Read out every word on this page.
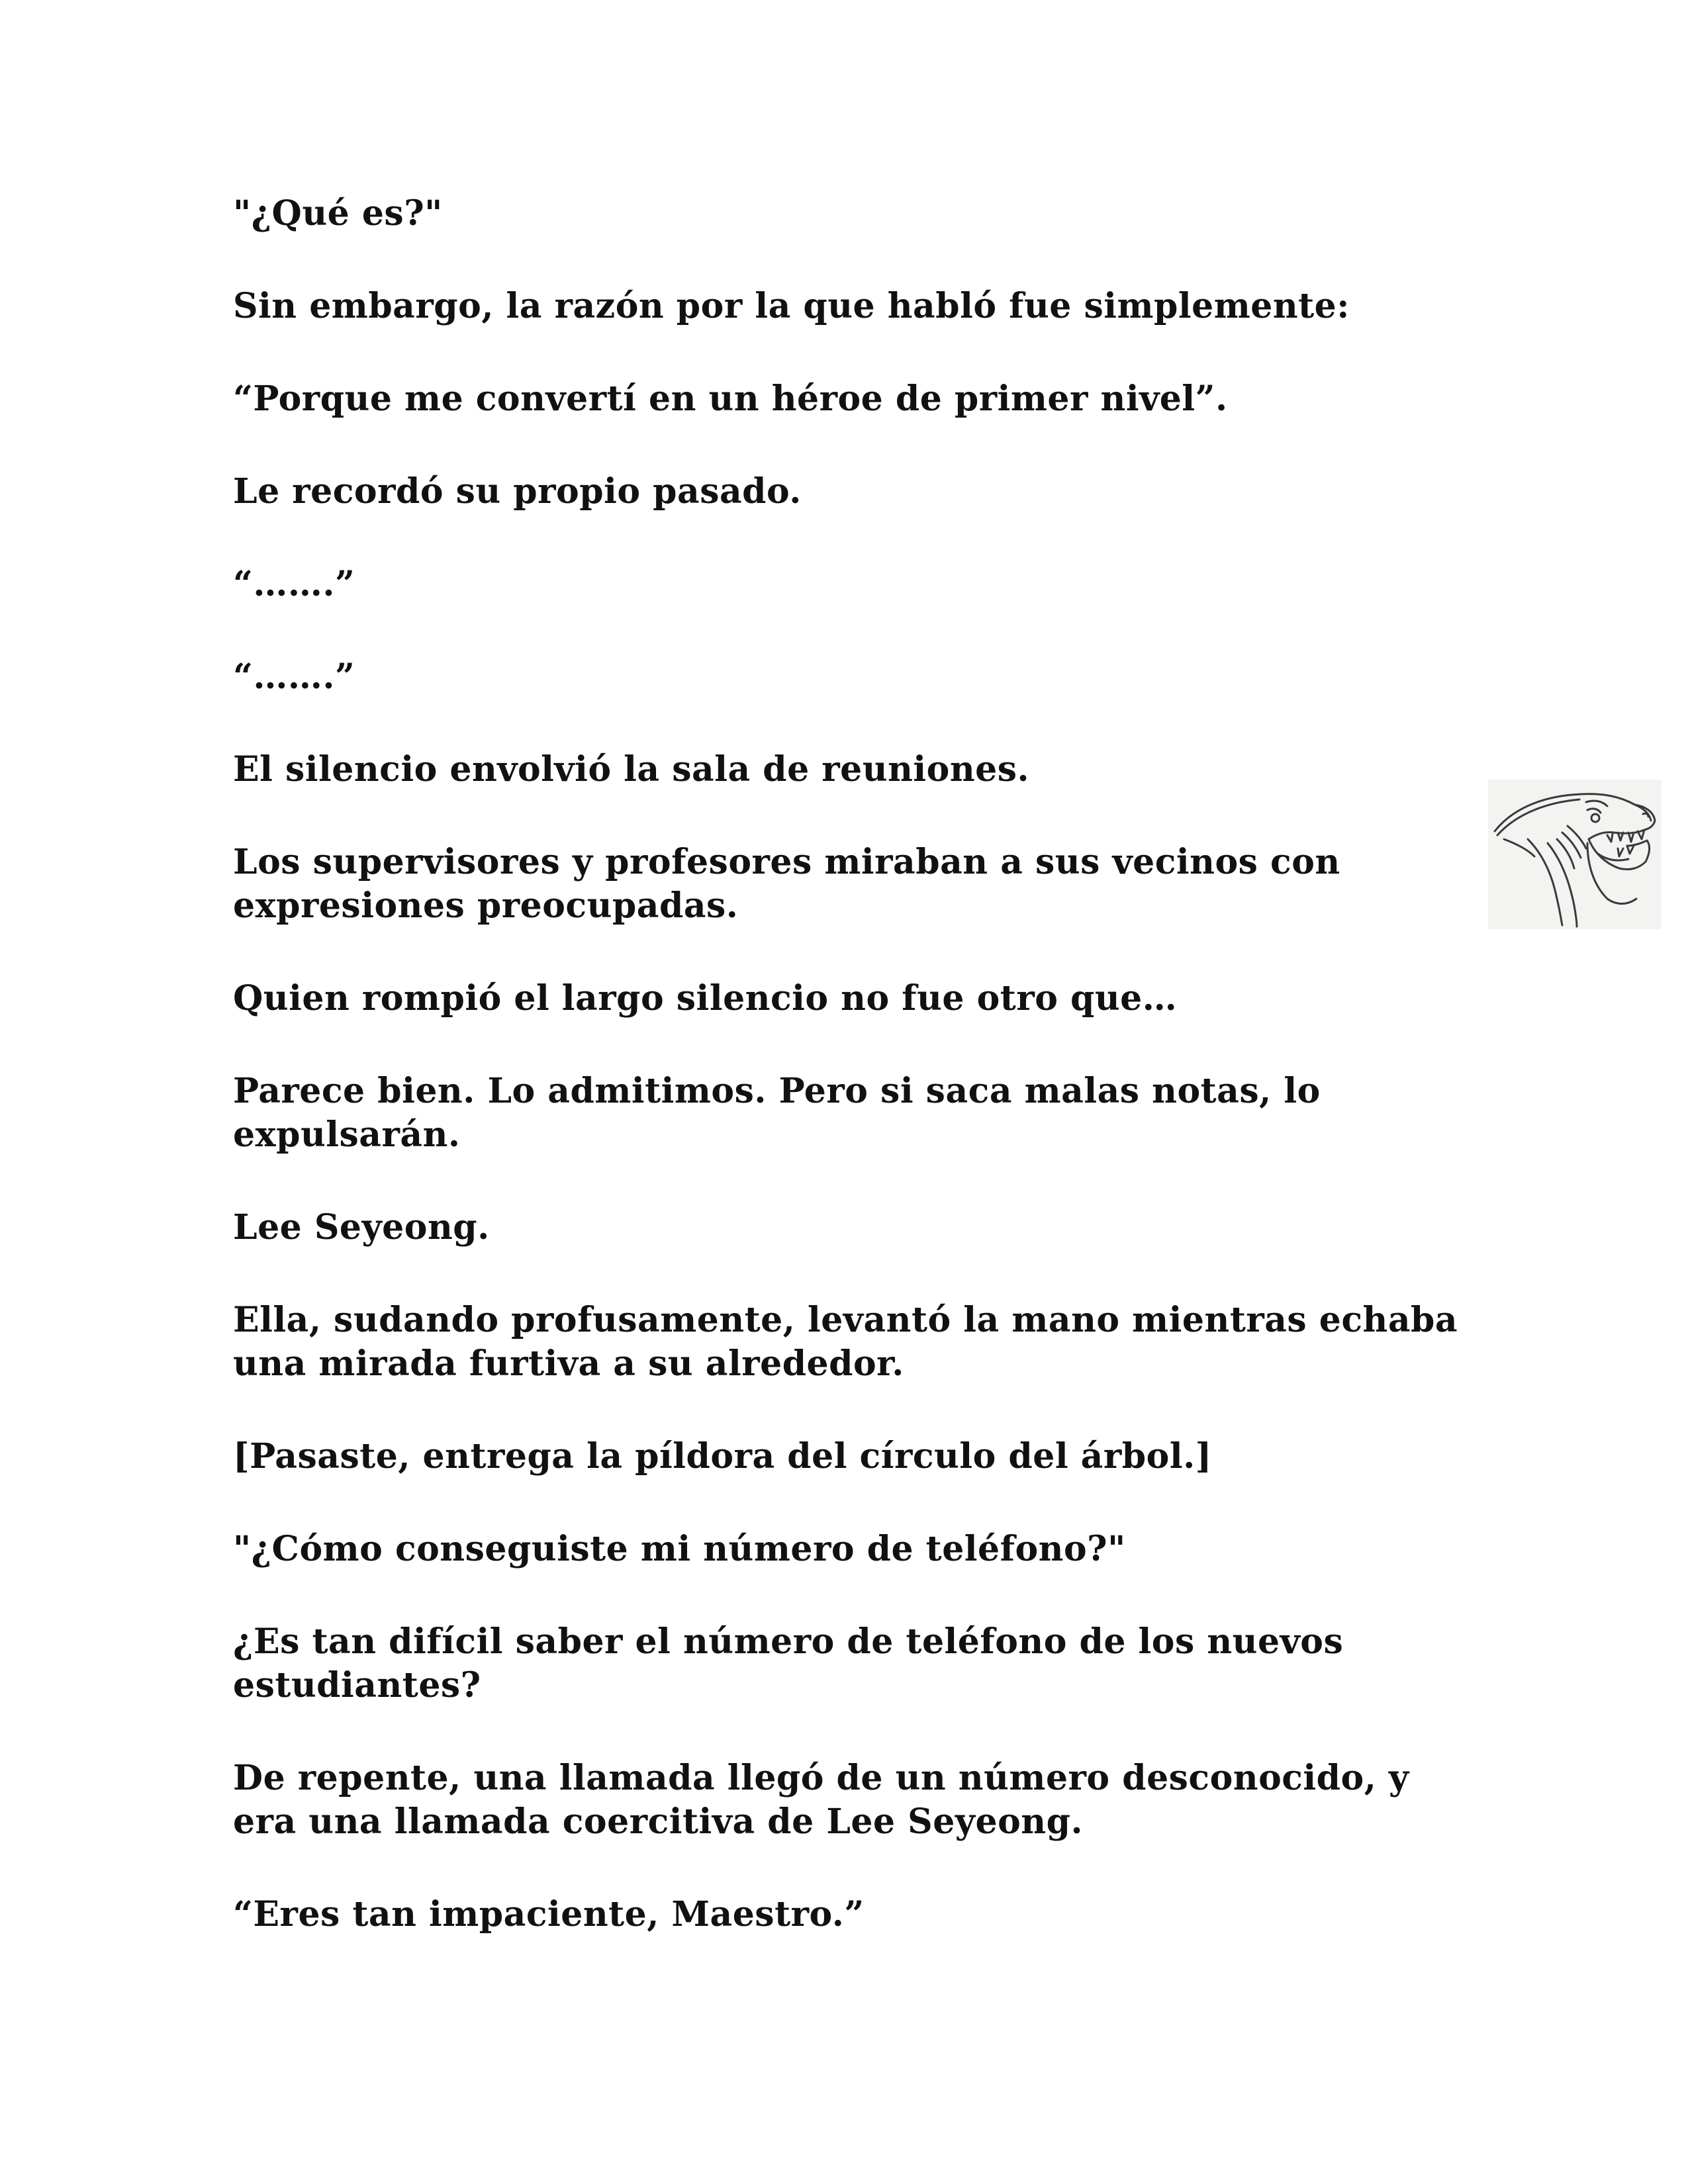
"¿Qué es?"

Sin embargo, la razón por la que habló fue simplemente:

“Porque me convertí en un héroe de primer nivel”.

Le recordó su propio pasado.

“…….”

“…….”

El silencio envolvió la sala de reuniones.

Los supervisores y profesores miraban a sus vecinos con expresiones preocupadas.

Quien rompió el largo silencio no fue otro que…

Parece bien. Lo admitimos. Pero si saca malas notas, lo expulsarán.

Lee Seyeong.

Ella, sudando profusamente, levantó la mano mientras echaba una mirada furtiva a su alrededor.

[Pasaste, entrega la píldora del círculo del árbol.]

"¿Cómo conseguiste mi número de teléfono?"

¿Es tan difícil saber el número de teléfono de los nuevos estudiantes?

De repente, una llamada llegó de un número desconocido, y era una llamada coercitiva de Lee Seyeong.

“Eres tan impaciente, Maestro.”
